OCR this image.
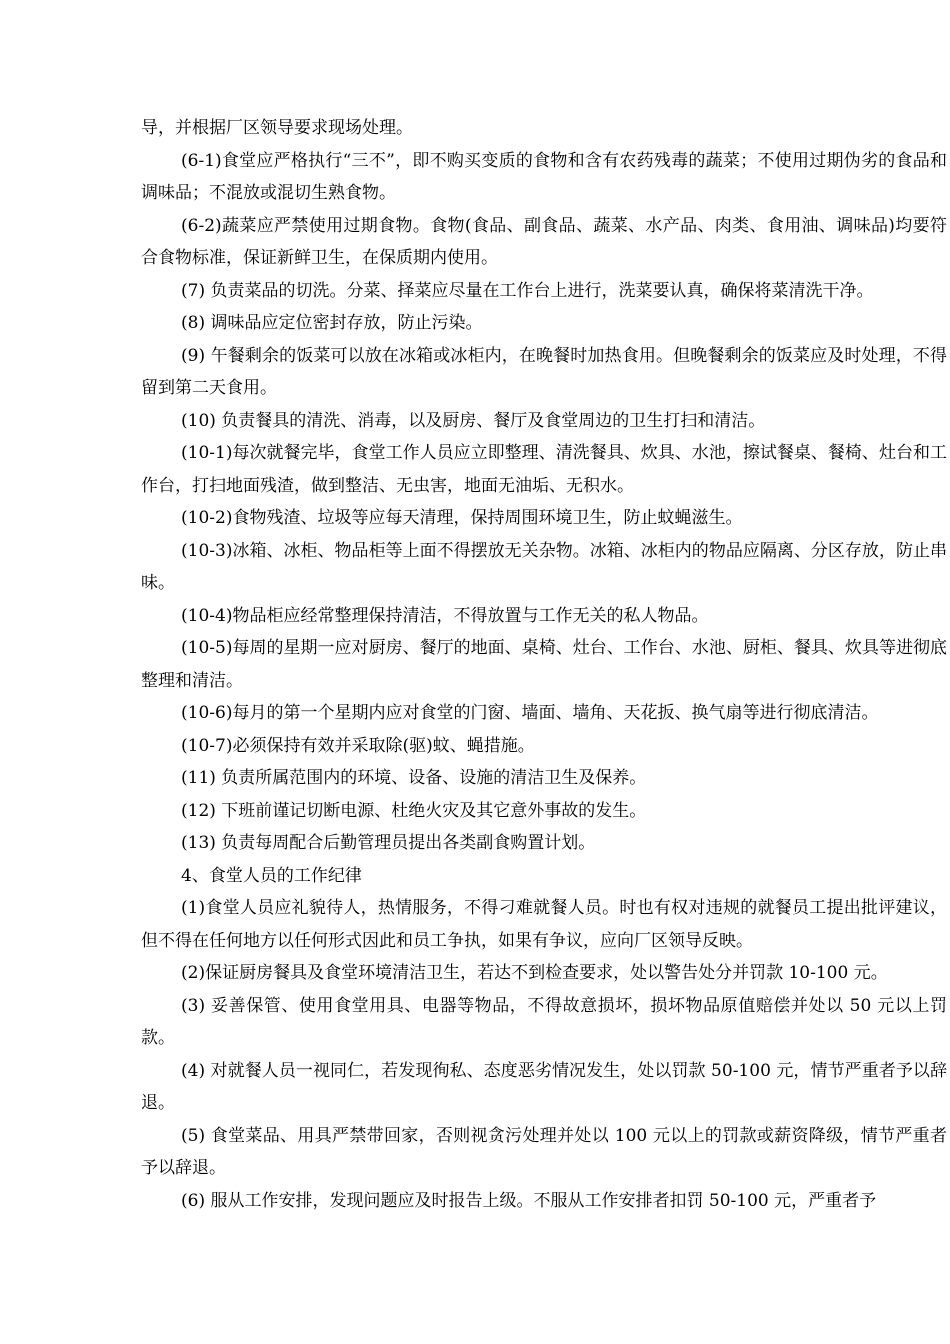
导，并根据厂区领导要求现场处理。

(6-1)食堂应严格执行“三不”，即不购买变质的食物和含有农药残毒的蔬菜；不使用过期伪劣的食品和调味品；不混放或混切生熟食物。

(6-2)蔬菜应严禁使用过期食物。食物(食品、副食品、蔬菜、水产品、肉类、食用油、调味品)均要符合食物标准，保证新鲜卫生，在保质期内使用。

(7) 负责菜品的切洗。分菜、择菜应尽量在工作台上进行，洗菜要认真，确保将菜清洗干净。

(8) 调味品应定位密封存放，防止污染。

(9) 午餐剩余的饭菜可以放在冰箱或冰柜内，在晚餐时加热食用。但晚餐剩余的饭菜应及时处理，不得留到第二天食用。

(10) 负责餐具的清洗、消毒，以及厨房、餐厅及食堂周边的卫生打扫和清洁。

(10-1)每次就餐完毕，食堂工作人员应立即整理、清洗餐具、炊具、水池，擦试餐桌、餐椅、灶台和工作台，打扫地面残渣，做到整洁、无虫害，地面无油垢、无积水。

(10-2)食物残渣、垃圾等应每天清理，保持周围环境卫生，防止蚊蝇滋生。

(10-3)冰箱、冰柜、物品柜等上面不得摆放无关杂物。冰箱、冰柜内的物品应隔离、分区存放，防止串味。

(10-4)物品柜应经常整理保持清洁，不得放置与工作无关的私人物品。

(10-5)每周的星期一应对厨房、餐厅的地面、桌椅、灶台、工作台、水池、厨柜、餐具、炊具等进彻底整理和清洁。

(10-6)每月的第一个星期内应对食堂的门窗、墙面、墙角、天花扳、换气扇等进行彻底清洁。

(10-7)必须保持有效并采取除(驱)蚊、蝇措施。

(11) 负责所属范围内的环境、设备、设施的清洁卫生及保养。

(12) 下班前谨记切断电源、杜绝火灾及其它意外事故的发生。

(13) 负责每周配合后勤管理员提出各类副食购置计划。

4、食堂人员的工作纪律

(1)食堂人员应礼貌待人，热情服务，不得刁难就餐人员。时也有权对违规的就餐员工提出批评建议，但不得在任何地方以任何形式因此和员工争执，如果有争议，应向厂区领导反映。

(2)保证厨房餐具及食堂环境清洁卫生，若达不到检查要求，处以警告处分并罚款 10-100 元。

(3) 妥善保管、使用食堂用具、电器等物品，不得故意损坏，损坏物品原值赔偿并处以 50 元以上罚款。

(4) 对就餐人员一视同仁，若发现徇私、态度恶劣情况发生，处以罚款 50-100 元，情节严重者予以辞退。

(5) 食堂菜品、用具严禁带回家，否则视贪污处理并处以 100 元以上的罚款或薪资降级，情节严重者予以辞退。

(6) 服从工作安排，发现问题应及时报告上级。不服从工作安排者扣罚 50-100 元，严重者予
